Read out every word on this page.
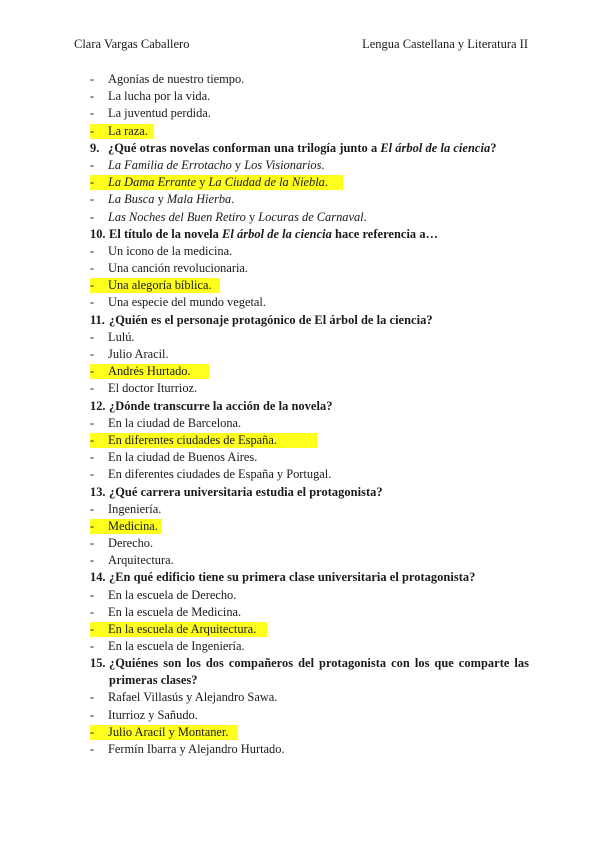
Clara Vargas Caballero	Lengua Castellana y Literatura II
-	Agonías de nuestro tiempo.
-	La lucha por la vida.
-	La juventud perdida.
-	La raza.
9. ¿Qué otras novelas conforman una trilogía junto a El árbol de la ciencia?
-	La Familia de Errotacho y Los Visionarios.
-	La Dama Errante y La Ciudad de la Niebla.
-	La Busca y Mala Hierba.
-	Las Noches del Buen Retiro y Locuras de Carnaval.
10. El título de la novela El árbol de la ciencia hace referencia a…
-	Un icono de la medicina.
-	Una canción revolucionaria.
-	Una alegoría bíblica.
-	Una especie del mundo vegetal.
11. ¿Quién es el personaje protagónico de El árbol de la ciencia?
-	Lulú.
-	Julio Aracil.
-	Andrés Hurtado.
-	El doctor Iturrioz.
12. ¿Dónde transcurre la acción de la novela?
-	En la ciudad de Barcelona.
-	En diferentes ciudades de España.
-	En la ciudad de Buenos Aires.
-	En diferentes ciudades de España y Portugal.
13. ¿Qué carrera universitaria estudia el protagonista?
-	Ingeniería.
-	Medicina.
-	Derecho.
-	Arquitectura.
14. ¿En qué edificio tiene su primera clase universitaria el protagonista?
-	En la escuela de Derecho.
-	En la escuela de Medicina.
-	En la escuela de Arquitectura.
-	En la escuela de Ingeniería.
15. ¿Quiénes son los dos compañeros del protagonista con los que comparte las primeras clases?
-	Rafael Villasús y Alejandro Sawa.
-	Iturrioz y Sañudo.
-	Julio Aracil y Montaner.
-	Fermín Ibarra y Alejandro Hurtado.
